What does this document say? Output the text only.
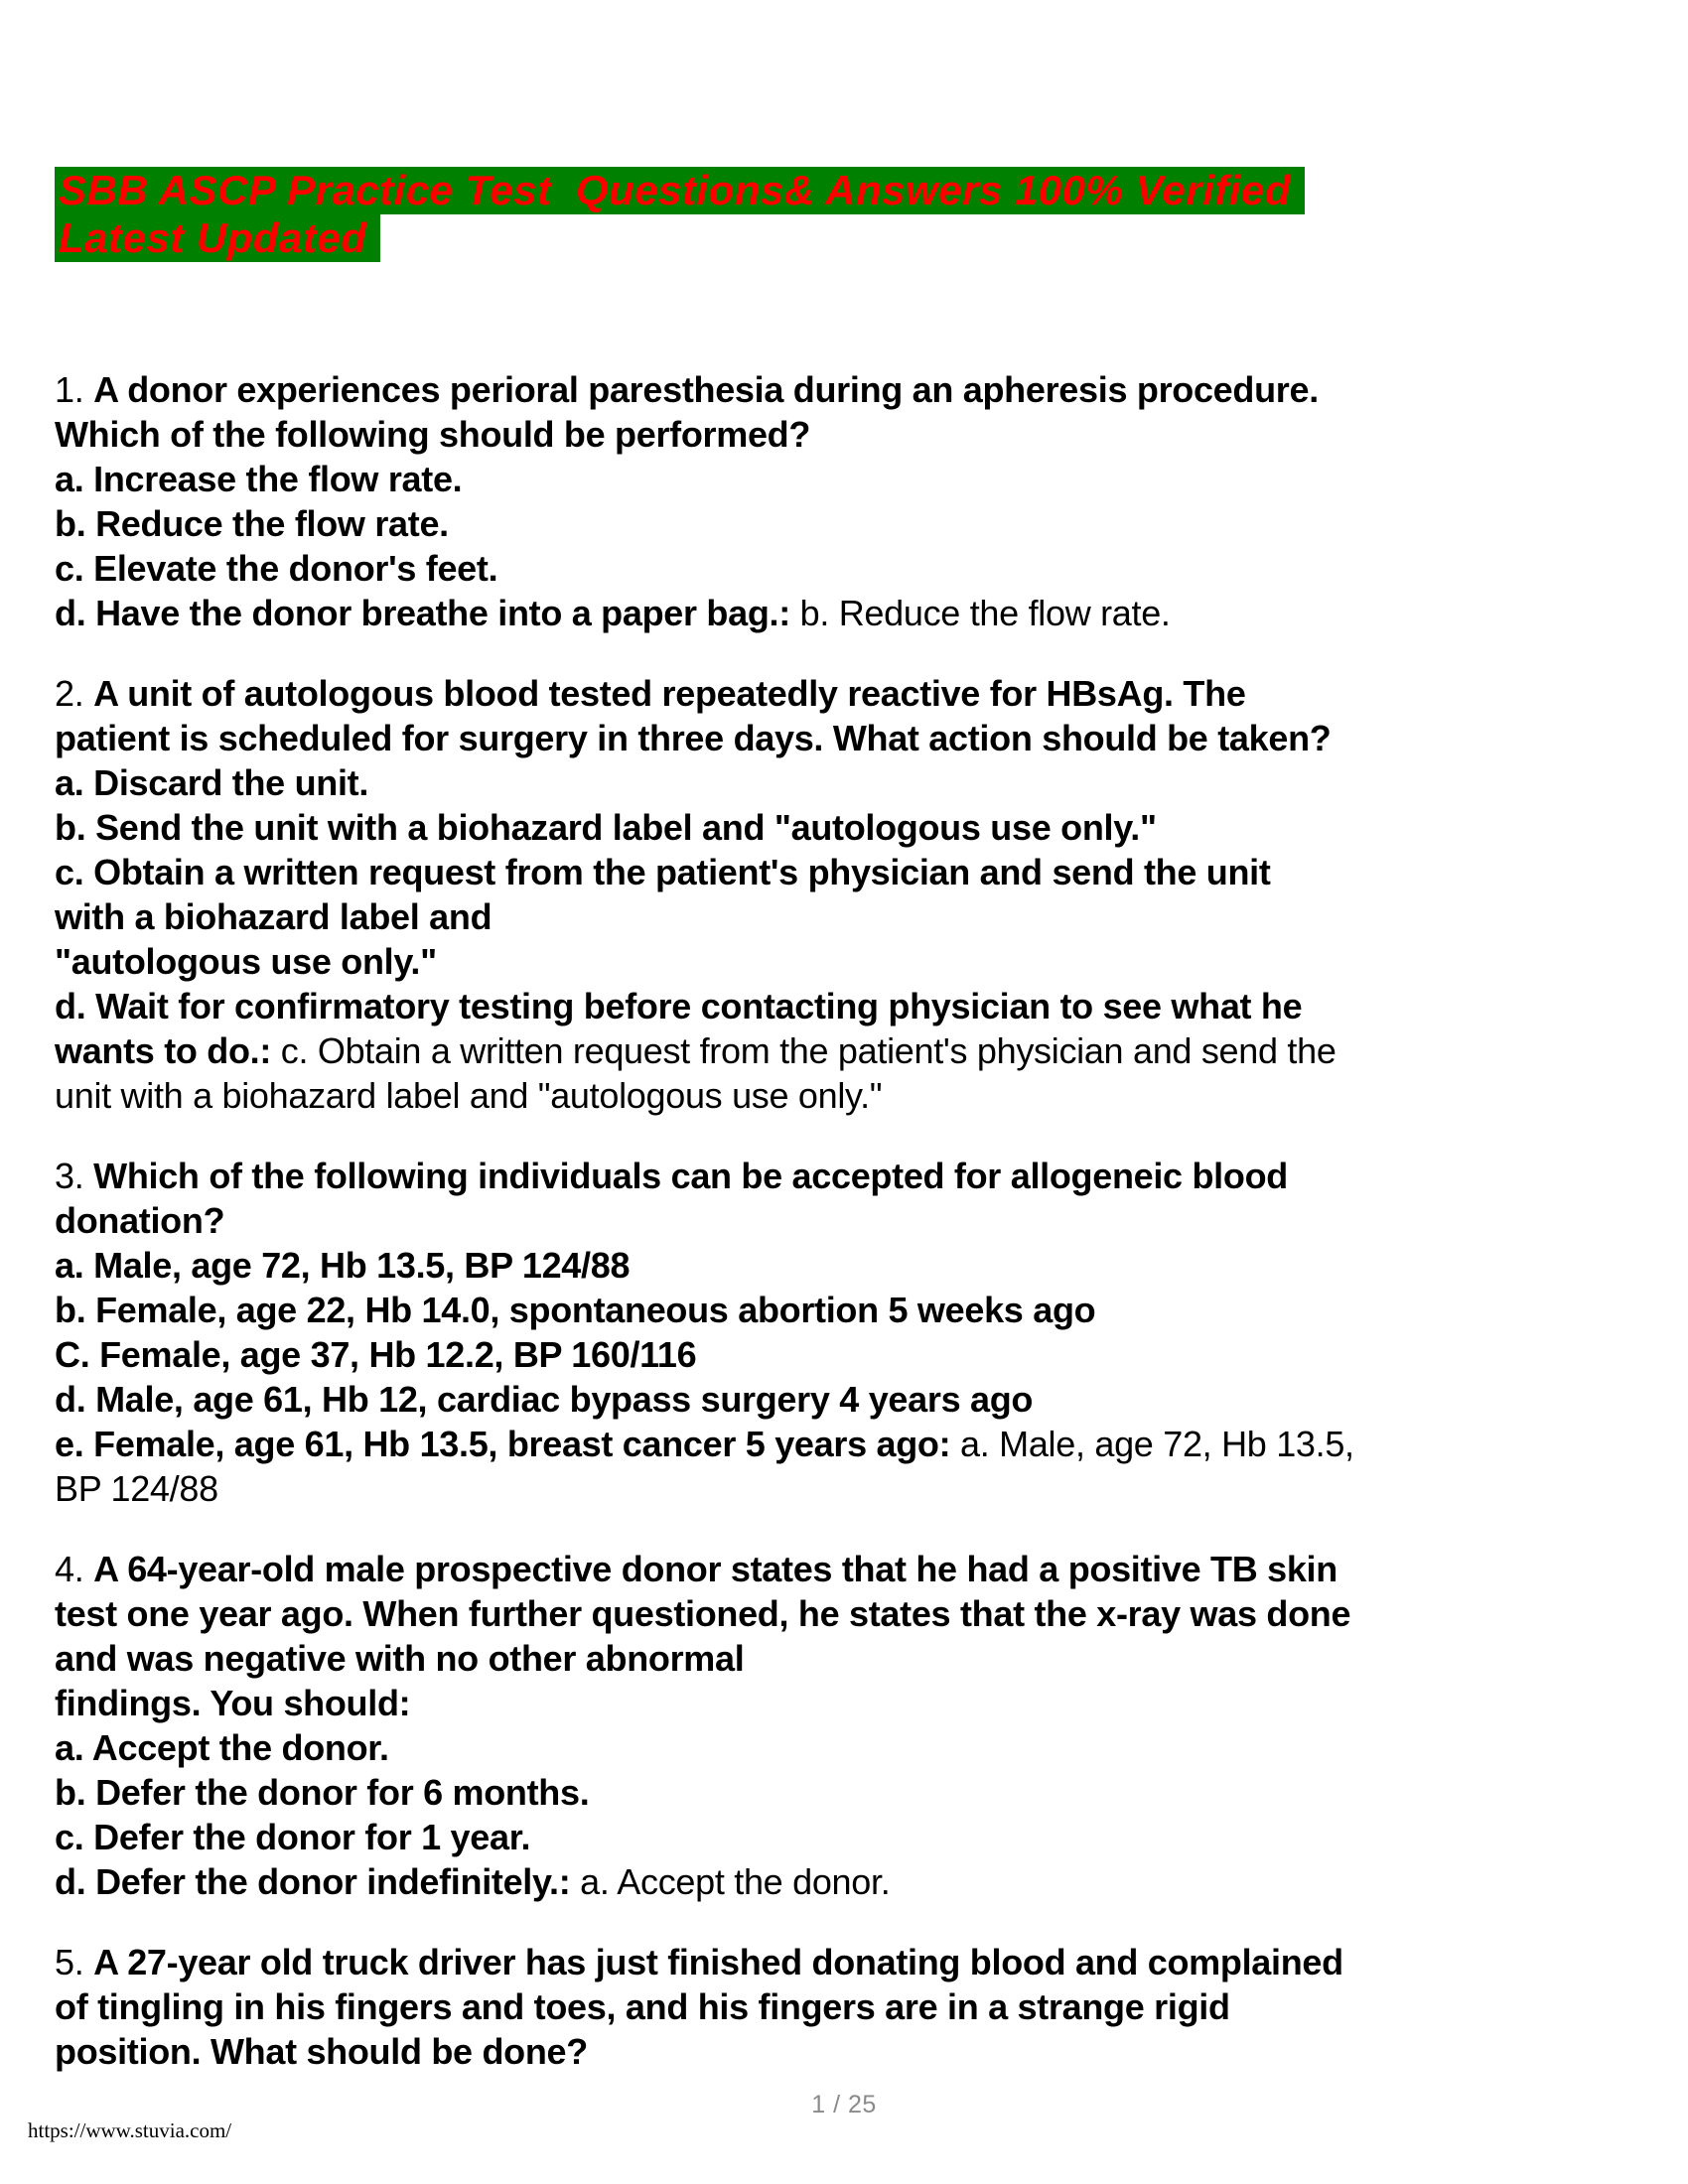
SBB ASCP Practice Test  Questions& Answers 100% Verified
Latest Updated
1. A donor experiences perioral paresthesia during an apheresis procedure.
Which of the following should be performed?
a. Increase the flow rate.
b. Reduce the flow rate.
c. Elevate the donor's feet.
d. Have the donor breathe into a paper bag.: b. Reduce the flow rate.
2. A unit of autologous blood tested repeatedly reactive for HBsAg. The
patient is scheduled for surgery in three days. What action should be taken?
a. Discard the unit.
b. Send the unit with a biohazard label and "autologous use only."
c. Obtain a written request from the patient's physician and send the unit
with a biohazard label and
"autologous use only."
d. Wait for confirmatory testing before contacting physician to see what he
wants to do.: c. Obtain a written request from the patient's physician and send the
unit with a biohazard label and "autologous use only."
3. Which of the following individuals can be accepted for allogeneic blood
donation?
a. Male, age 72, Hb 13.5, BP 124/88
b. Female, age 22, Hb 14.0, spontaneous abortion 5 weeks ago
C. Female, age 37, Hb 12.2, BP 160/116
d. Male, age 61, Hb 12, cardiac bypass surgery 4 years ago
e. Female, age 61, Hb 13.5, breast cancer 5 years ago: a. Male, age 72, Hb 13.5,
BP 124/88
4. A 64-year-old male prospective donor states that he had a positive TB skin
test one year ago. When further questioned, he states that the x-ray was done
and was negative with no other abnormal
findings. You should:
a. Accept the donor.
b. Defer the donor for 6 months.
c. Defer the donor for 1 year.
d. Defer the donor indefinitely.: a. Accept the donor.
5. A 27-year old truck driver has just finished donating blood and complained
of tingling in his fingers and toes, and his fingers are in a strange rigid
position. What should be done?
1 / 25
https://www.stuvia.com/
